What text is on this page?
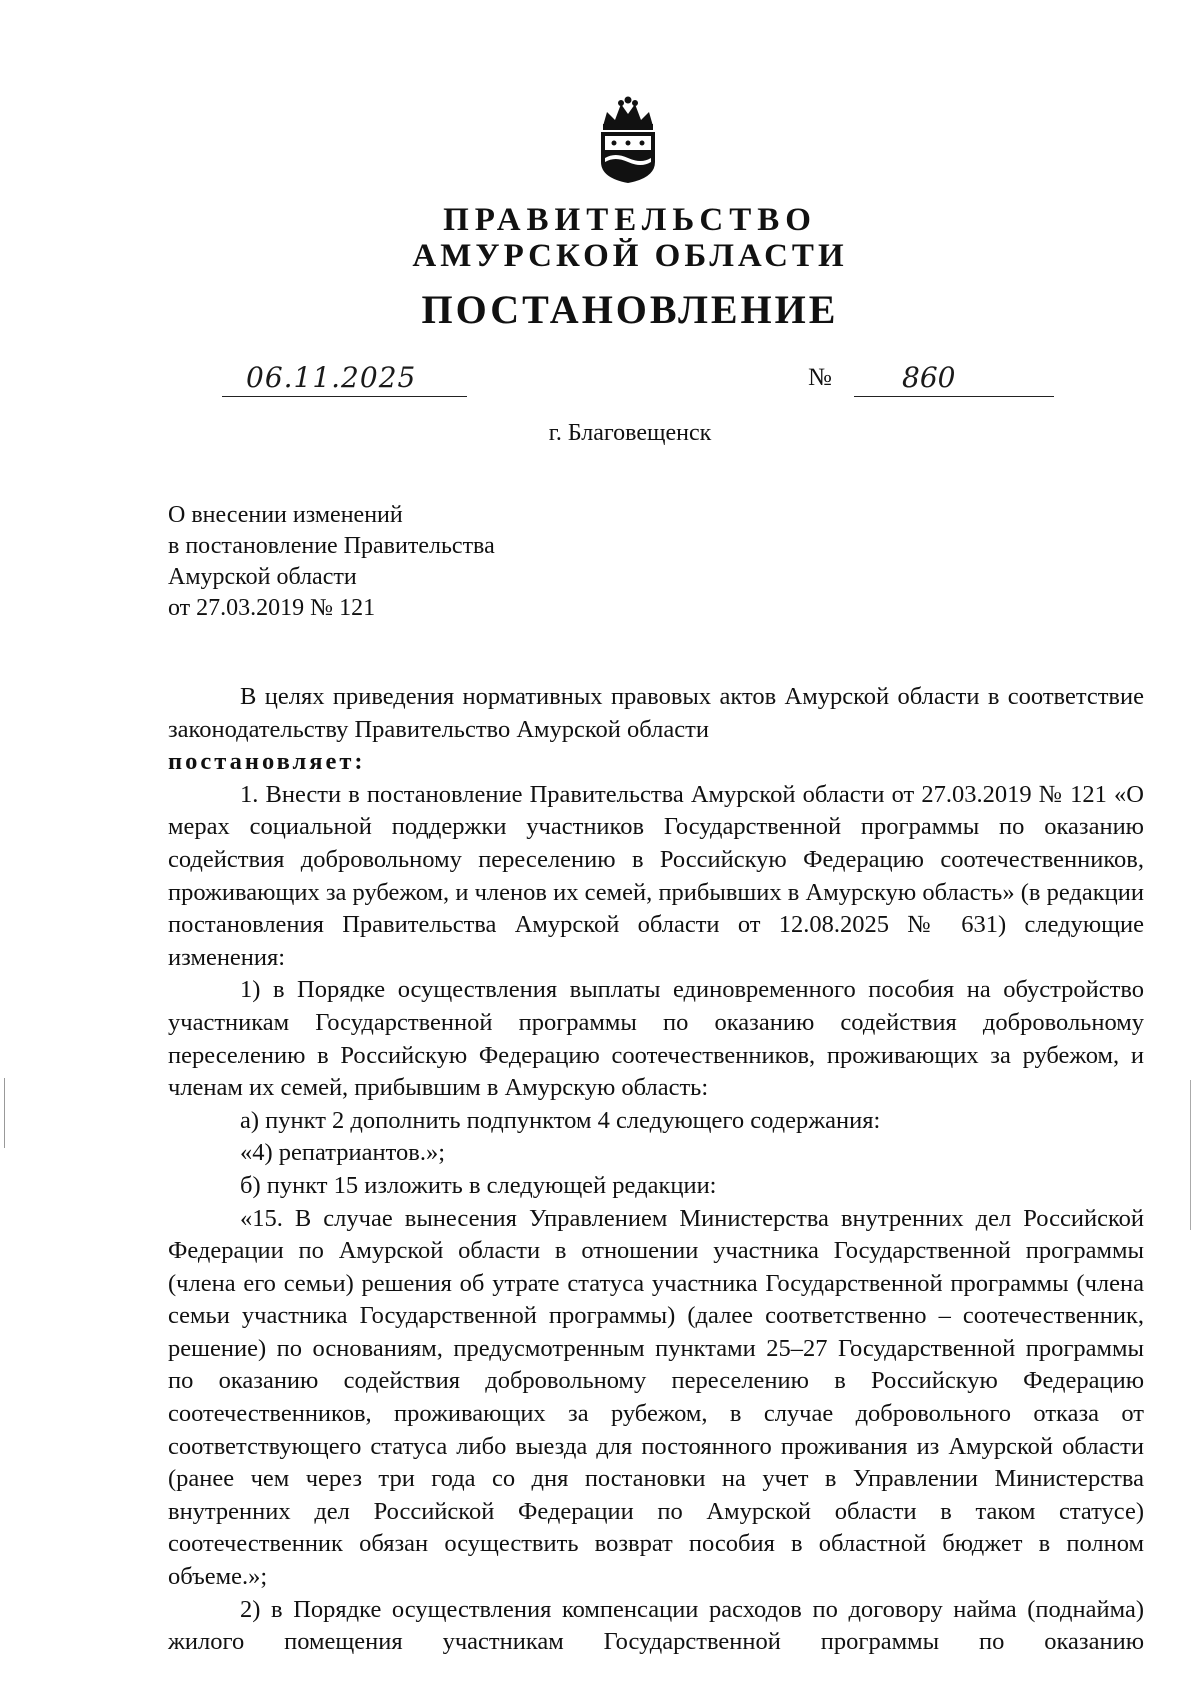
ПРАВИТЕЛЬСТВО
АМУРСКОЙ ОБЛАСТИ
ПОСТАНОВЛЕНИЕ
06.11.2025	№	860
г. Благовещенск
О внесении изменений
в постановление Правительства
Амурской области
от 27.03.2019 № 121

В целях приведения нормативных правовых актов Амурской области в соответствие законодательству Правительство Амурской области

постановляет:

1. Внести в постановление Правительства Амурской области от 27.03.2019 № 121 «О мерах социальной поддержки участников Государственной программы по оказанию содействия добровольному переселению в Российскую Федерацию соотечественников, проживающих за рубежом, и членов их семей, прибывших в Амурскую область» (в редакции постановления Правительства Амурской области от 12.08.2025 № 631) следующие изменения:

1) в Порядке осуществления выплаты единовременного пособия на обустройство участникам Государственной программы по оказанию содействия добровольному переселению в Российскую Федерацию соотечественников, проживающих за рубежом, и членам их семей, прибывшим в Амурскую область:

а) пункт 2 дополнить подпунктом 4 следующего содержания:

«4) репатриантов.»;

б) пункт 15 изложить в следующей редакции:

«15. В случае вынесения Управлением Министерства внутренних дел Российской Федерации по Амурской области в отношении участника Государственной программы (члена его семьи) решения об утрате статуса участника Государственной программы (члена семьи участника Государственной программы) (далее соответственно – соотечественник, решение) по основаниям, предусмотренным пунктами 25–27 Государственной программы по оказанию содействия добровольному переселению в Российскую Федерацию соотечественников, проживающих за рубежом, в случае добровольного отказа от соответствующего статуса либо выезда для постоянного проживания из Амурской области (ранее чем через три года со дня постановки на учет в Управлении Министерства внутренних дел Российской Федерации по Амурской области в таком статусе) соотечественник обязан осуществить возврат пособия в областной бюджет в полном объеме.»;

2) в Порядке осуществления компенсации расходов по договору найма (поднайма) жилого помещения участникам Государственной программы по оказанию
